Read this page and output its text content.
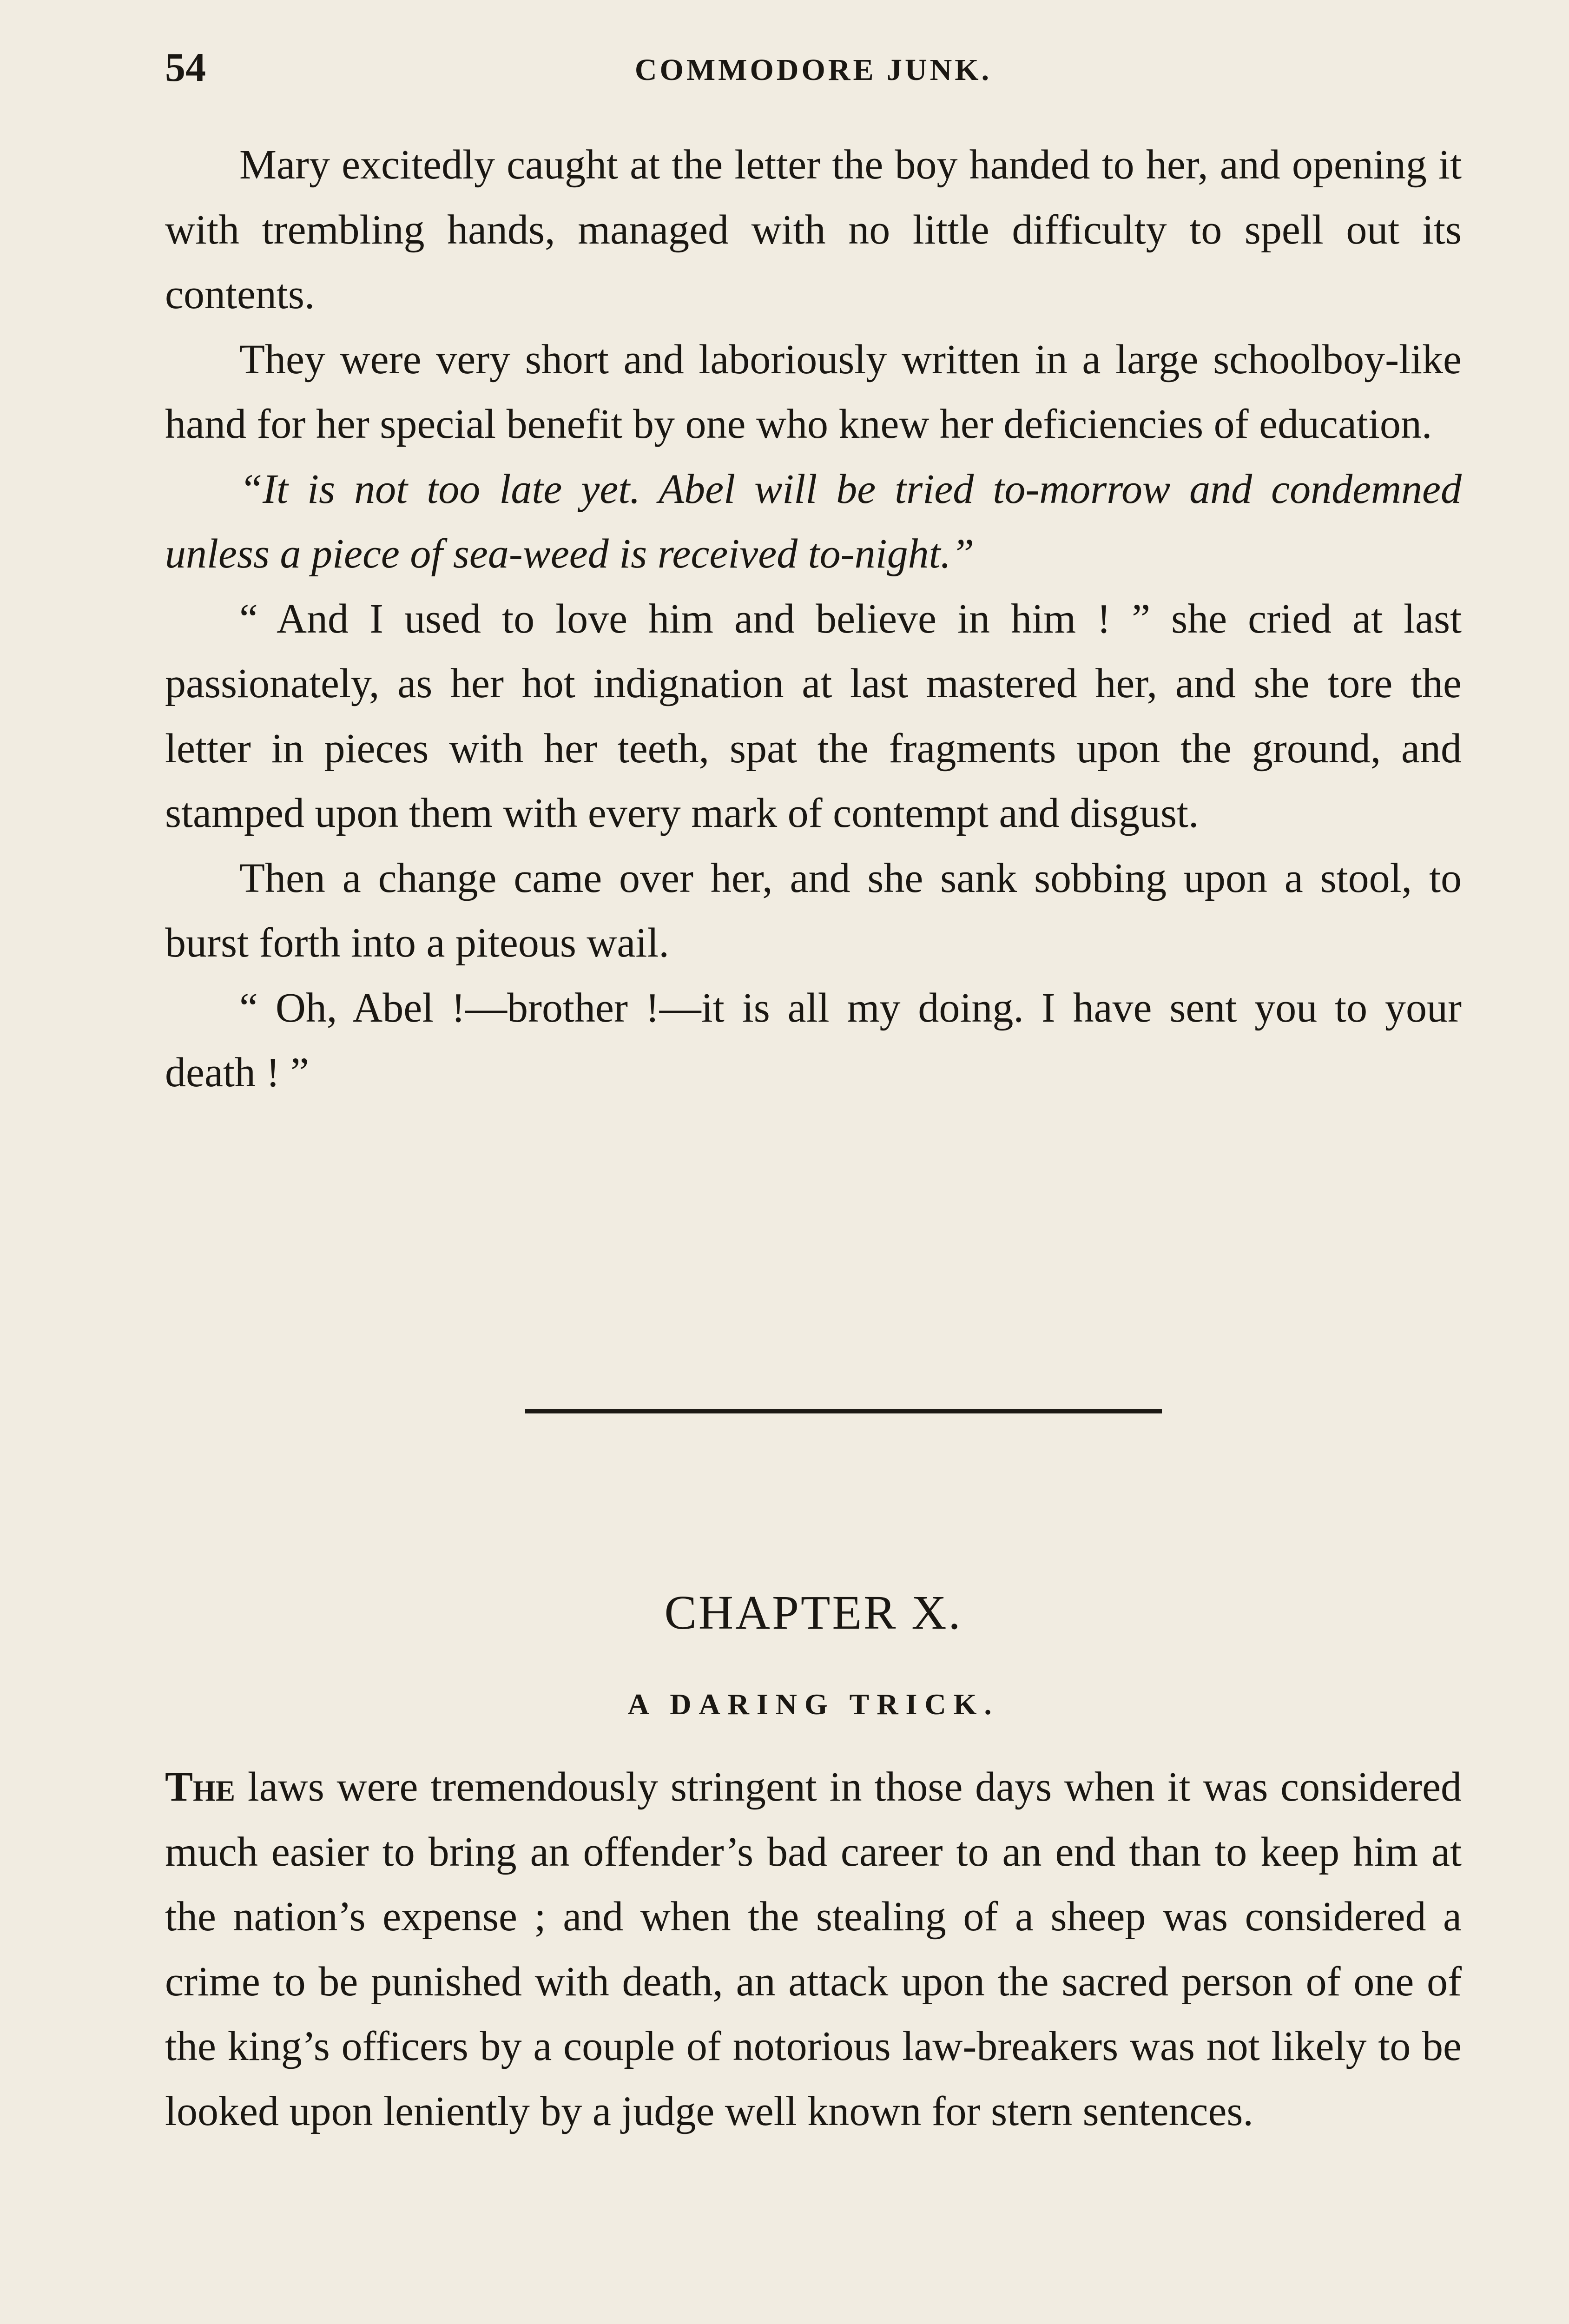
54	COMMODORE JUNK.

Mary excitedly caught at the letter the boy handed to her, and opening it with trembling hands, managed with no little difficulty to spell out its contents.

They were very short and laboriously written in a large schoolboy-like hand for her special benefit by one who knew her deficiencies of education.

“It is not too late yet. Abel will be tried to-morrow and condemned unless a piece of sea-weed is received to-night.”

“ And I used to love him and believe in him ! ” she cried at last passionately, as her hot indignation at last mastered her, and she tore the letter in pieces with her teeth, spat the fragments upon the ground, and stamped upon them with every mark of contempt and disgust.

Then a change came over her, and she sank sobbing upon a stool, to burst forth into a piteous wail.

“ Oh, Abel !—brother !—it is all my doing. I have sent you to your death ! ”

CHAPTER X.
A DARING TRICK.

The laws were tremendously stringent in those days when it was considered much easier to bring an offender’s bad career to an end than to keep him at the nation’s expense ; and when the stealing of a sheep was considered a crime to be punished with death, an attack upon the sacred person of one of the king’s officers by a couple of notorious law-breakers was not likely to be looked upon leniently by a judge well known for stern sentences.
